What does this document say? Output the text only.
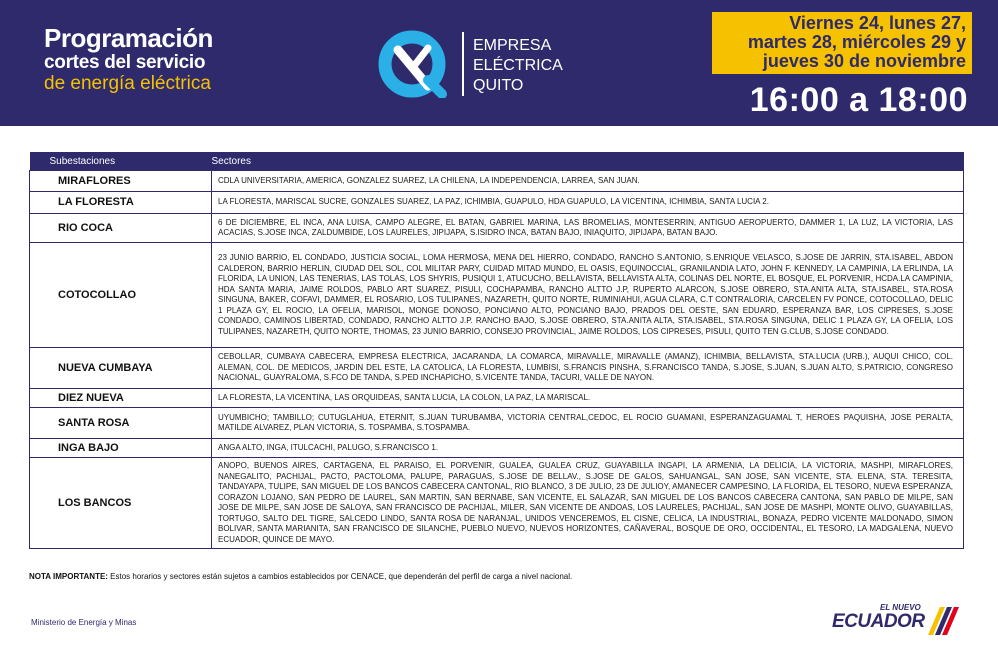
Programación
cortes del servicio
de energía eléctrica
EMPRESA
ELÉCTRICA
QUITO
Viernes 24, lunes 27,
martes 28, miércoles 29 y
jueves 30 de noviembre
16:00 a 18:00
Subestaciones	Sectores
MIRAFLORES	CDLA UNIVERSITARIA, AMERICA, GONZALEZ SUAREZ, LA CHILENA, LA INDEPENDENCIA, LARREA, SAN JUAN.
LA FLORESTA	LA FLORESTA, MARISCAL SUCRE, GONZALES SUAREZ, LA PAZ, ICHIMBIA, GUAPULO, HDA GUAPULO, LA VICENTINA, ICHIMBIA, SANTA LUCIA 2.
RIO COCA	6 DE DICIEMBRE, EL INCA, ANA LUISA, CAMPO ALEGRE, EL BATAN, GABRIEL MARINA, LAS BROMELIAS, MONTESERRIN, ANTIGUO AEROPUERTO, DAMMER 1, LA LUZ, LA VICTORIA, LAS ACACIAS, S.JOSE INCA, ZALDUMBIDE, LOS LAURELES, JIPIJAPA, S.ISIDRO INCA, BATAN BAJO, INIAQUITO, JIPIJAPA, BATAN BAJO.
COTOCOLLAO	23 JUNIO BARRIO, EL CONDADO, JUSTICIA SOCIAL, LOMA HERMOSA, MENA DEL HIERRO, CONDADO, RANCHO S.ANTONIO, S.ENRIQUE VELASCO, S.JOSE DE JARRIN, STA.ISABEL, ABDON CALDERON, BARRIO HERLIN, CIUDAD DEL SOL, COL MILITAR PARY, CUIDAD MITAD MUNDO, EL OASIS, EQUINOCCIAL, GRANILANDIA LATO, JOHN F. KENNEDY, LA CAMPINIA, LA ERLINDA, LA FLORIDA, LA UNION, LAS TENERIAS, LAS TOLAS, LOS SHYRIS, PUSIQUI 1, ATUCUCHO, BELLAVISTA, BELLAVISTA ALTA, COLINAS DEL NORTE, EL BOSQUE, EL PORVENIR, HCDA.LA CAMPINIA, HDA SANTA MARIA, JAIME ROLDOS, PABLO ART SUAREZ, PISULI, COCHAPAMBA, RANCHO ALTTO J.P, RUPERTO ALARCON, S.JOSE OBRERO, STA.ANITA ALTA, STA.ISABEL, STA.ROSA SINGUNA, BAKER, COFAVI, DAMMER, EL ROSARIO, LOS TULIPANES, NAZARETH, QUITO NORTE, RUMINIAHUI, AGUA CLARA, C.T CONTRALORIA, CARCELEN FV PONCE, COTOCOLLAO, DELIC 1 PLAZA GY, EL ROCIO, LA OFELIA, MARISOL, MONGE DONOSO, PONCIANO ALTO, PONCIANO BAJO, PRADOS DEL OESTE, SAN EDUARD, ESPERANZA BAR, LOS CIPRESES, S.JOSE CONDADO, CAMINOS LIBERTAD, CONDADO, RANCHO ALTTO J.P. RANCHO BAJO, S.JOSE OBRERO, STA.ANITA ALTA, STA.ISABEL, STA.ROSA SINGUNA, DELIC 1 PLAZA GY, LA OFELIA, LOS TULIPANES, NAZARETH, QUITO NORTE, THOMAS, 23 JUNIO BARRIO, CONSEJO PROVINCIAL, JAIME ROLDOS, LOS CIPRESES, PISULI, QUITO TEN G.CLUB, S.JOSE CONDADO.
NUEVA CUMBAYA	CEBOLLAR, CUMBAYA CABECERA, EMPRESA ELECTRICA, JACARANDA, LA COMARCA, MIRAVALLE, MIRAVALLE (AMANZ), ICHIMBIA, BELLAVISTA, STA.LUCIA (URB.), AUQUI CHICO, COL. ALEMAN, COL. DE MEDICOS, JARDIN DEL ESTE, LA CATOLICA, LA FLORESTA, LUMBISI, S.FRANCIS PINSHA, S.FRANCISCO TANDA, S.JOSE, S.JUAN, S.JUAN ALTO, S.PATRICIO, CONGRESO NACIONAL, GUAYRALOMA, S.FCO DE TANDA, S.PED INCHAPICHO, S.VICENTE TANDA, TACURI, VALLE DE NAYON.
DIEZ NUEVA	LA FLORESTA, LA VICENTINA, LAS ORQUIDEAS, SANTA LUCIA, LA COLON, LA PAZ, LA MARISCAL.
SANTA ROSA	UYUMBICHO; TAMBILLO; CUTUGLAHUA, ETERNIT, S.JUAN TURUBAMBA, VICTORIA CENTRAL,CEDOC, EL ROCIO GUAMANI, ESPERANZAGUAMAL T, HEROES PAQUISHA, JOSE PERALTA, MATILDE ALVAREZ, PLAN VICTORIA, S. TOSPAMBA, S.TOSPAMBA.
INGA BAJO	ANGA ALTO, INGA, ITULCACHI, PALUGO, S.FRANCISCO 1.
LOS BANCOS	ANOPO, BUENOS AIRES, CARTAGENA, EL PARAISO, EL PORVENIR, GUALEA, GUALEA CRUZ, GUAYABILLA INGAPI, LA ARMENIA, LA DELICIA, LA VICTORIA, MASHPI, MIRAFLORES, NANEGALITO, PACHIJAL, PACTO, PACTOLOMA, PALUPE, PARAGUAS, S.JOSE DE BELLAV., S.JOSE DE GALOS, SAHUANGAL, SAN JOSE, SAN VICENTE, STA. ELENA, STA. TERESITA, TANDAYAPA, TULIPE, SAN MIGUEL DE LOS BANCOS CABECERA CANTONAL, RIO BLANCO, 3 DE JULIO, 23 DE JULIOY, AMANECER CAMPESINO, LA FLORIDA, EL TESORO, NUEVA ESPERANZA, CORAZON LOJANO, SAN PEDRO DE LAUREL, SAN MARTIN, SAN BERNABE, SAN VICENTE, EL SALAZAR, SAN MIGUEL DE LOS BANCOS CABECERA CANTONA, SAN PABLO DE MILPE, SAN JOSE DE MILPE, SAN JOSE DE SALOYA, SAN FRANCISCO DE PACHIJAL, MILER, SAN VICENTE DE ANDOAS, LOS LAURELES, PACHIJAL, SAN JOSE DE MASHPI, MONTE OLIVO, GUAYABILLAS, TORTUGO, SALTO DEL TIGRE, SALCEDO LINDO, SANTA ROSA DE NARANJAL, UNIDOS VENCEREMOS, EL CISNE, CELICA, LA INDUSTRIAL, BONAZA, PEDRO VICENTE MALDONADO, SIMON BOLIVAR, SANTA MARIANITA, SAN FRANCISCO DE SILANCHE, PUEBLO NUEVO, NUEVOS HORIZONTES, CAÑAVERAL, BOSQUE DE ORO, OCCIDENTAL, EL TESORO, LA MADGALENA, NUEVO ECUADOR, QUINCE DE MAYO.
NOTA IMPORTANTE: Estos horarios y sectores están sujetos a cambios establecidos por CENACE, que dependerán del perfil de carga a nivel nacional.
Ministerio de Energía y Minas
EL NUEVO
ECUADOR
